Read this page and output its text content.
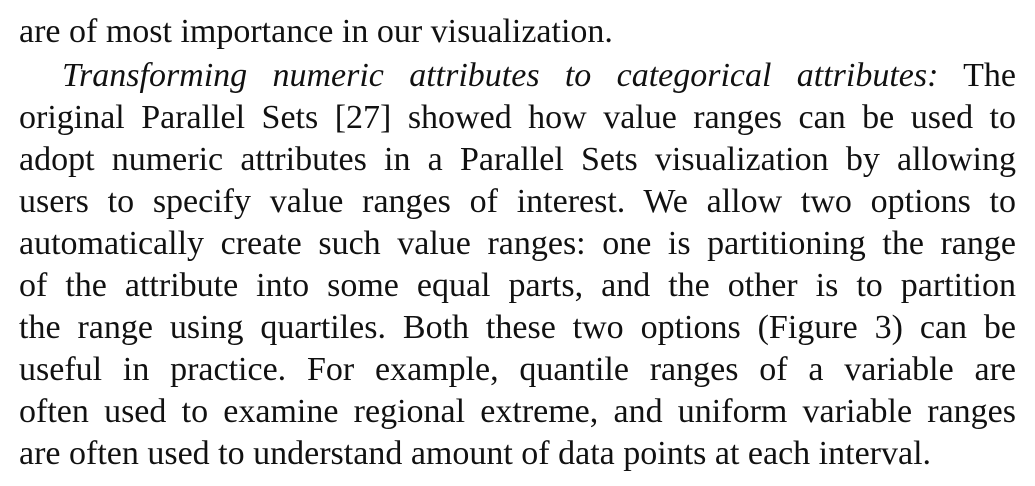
are of most importance in our visualization.
Transforming numeric attributes to categorical attributes: The
original Parallel Sets [27] showed how value ranges can be used to
adopt numeric attributes in a Parallel Sets visualization by allowing
users to specify value ranges of interest. We allow two options to
automatically create such value ranges: one is partitioning the range
of the attribute into some equal parts, and the other is to partition
the range using quartiles. Both these two options (Figure 3) can be
useful in practice. For example, quantile ranges of a variable are
often used to examine regional extreme, and uniform variable ranges
are often used to understand amount of data points at each interval.
